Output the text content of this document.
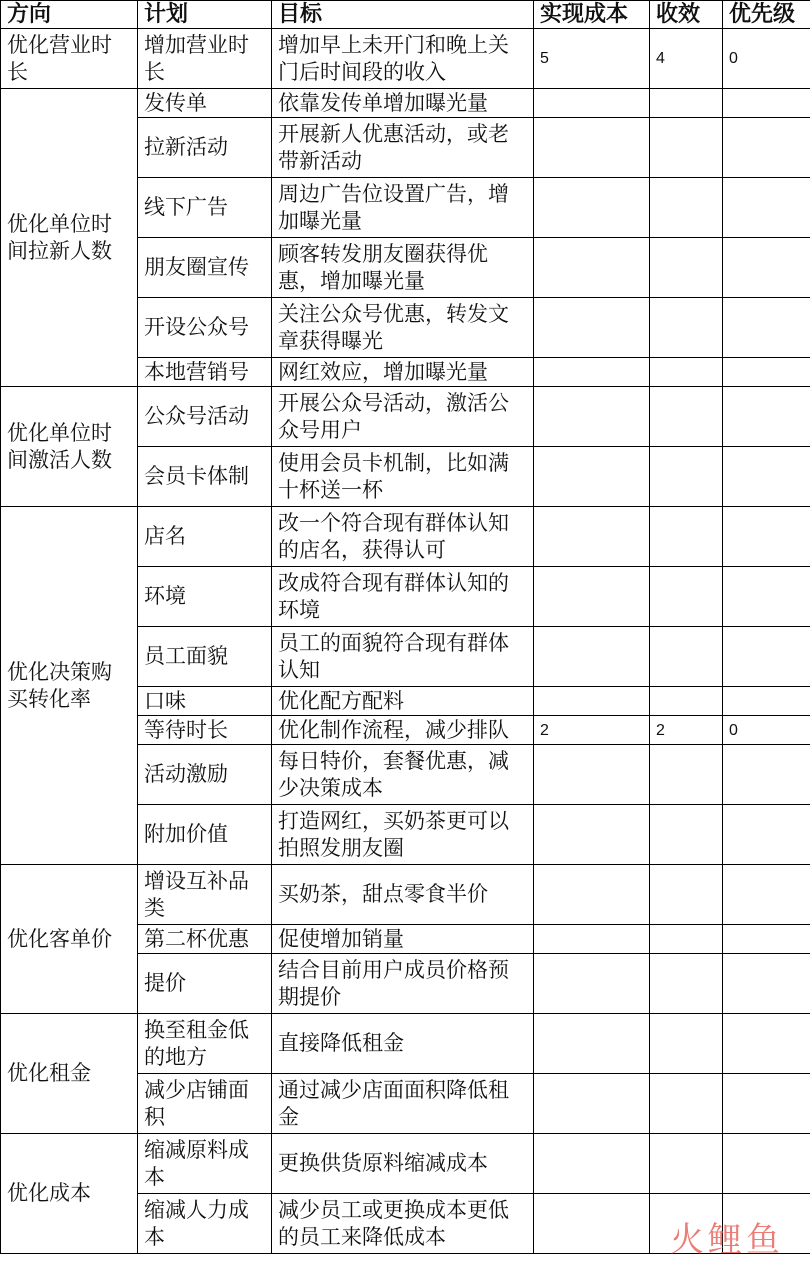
方向	计划	目标	实现成本	收效	优先级
优化营业时长	增加营业时长	增加早上未开门和晚上关门后时间段的收入	5	4	0
优化单位时间拉新人数	发传单	依靠发传单增加曝光量			
	拉新活动	开展新人优惠活动，或老带新活动			
	线下广告	周边广告位设置广告，增加曝光量			
	朋友圈宣传	顾客转发朋友圈获得优惠，增加曝光量			
	开设公众号	关注公众号优惠，转发文章获得曝光			
	本地营销号	网红效应，增加曝光量			
优化单位时间激活人数	公众号活动	开展公众号活动，激活公众号用户			
	会员卡体制	使用会员卡机制，比如满十杯送一杯			
优化决策购买转化率	店名	改一个符合现有群体认知的店名，获得认可			
	环境	改成符合现有群体认知的环境			
	员工面貌	员工的面貌符合现有群体认知			
	口味	优化配方配料			
	等待时长	优化制作流程，减少排队	2	2	0
	活动激励	每日特价，套餐优惠，减少决策成本			
	附加价值	打造网红，买奶茶更可以拍照发朋友圈			
优化客单价	增设互补品类	买奶茶，甜点零食半价			
	第二杯优惠	促使增加销量			
	提价	结合目前用户成员价格预期提价			
优化租金	换至租金低的地方	直接降低租金			
	减少店铺面积	通过减少店面面积降低租金			
优化成本	缩减原料成本	更换供货原料缩减成本			
	缩减人力成本	减少员工或更换成本更低的员工来降低成本				火鲤鱼
